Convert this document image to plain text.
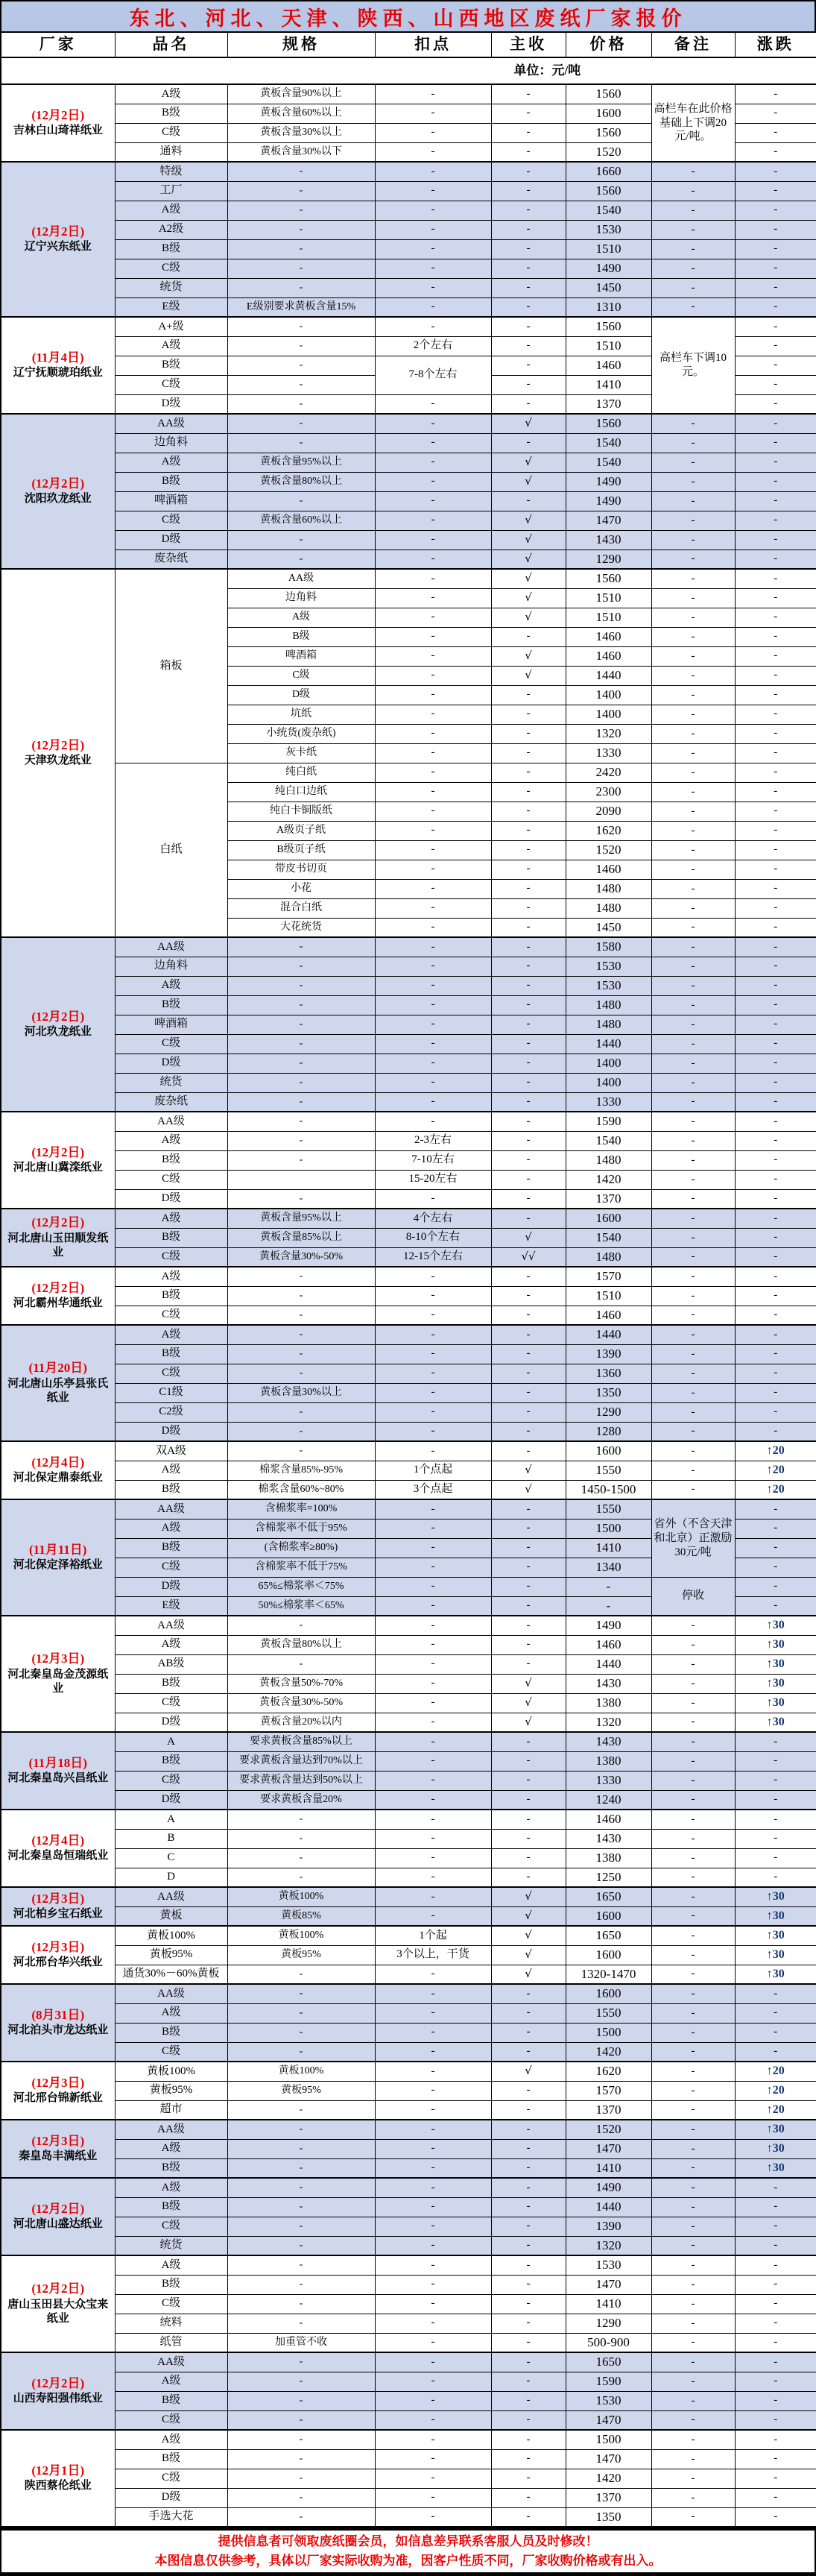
东北、河北、天津、陕西、山西地区废纸厂家报价
厂家	品名	规格	扣点	主收	价格	备注	涨跌

单位：元/吨							

(12月2日)
吉林白山琦祥纸业	A级	黄板含量90%以上	-	-	1560	高栏车在此价格基础上下调20元/吨。	-
	B级	黄板含量60%以上	-	-	1600		-
	C级	黄板含量30%以上	-	-	1560		-
	通料	黄板含量30%以下	-	-	1520		-

(12月2日)
辽宁兴东纸业	特级	-	-	-	1660	-	-
	工厂	-	-	-	1560	-	-
	A级	-	-	-	1540	-	-
	A2级	-	-	-	1530	-	-
	B级	-	-	-	1510	-	-
	C级	-	-	-	1490	-	-
	统货	-	-	-	1450	-	-
	E级	E级别要求黄板含量15%	-	-	1310	-	-

(11月4日)
辽宁抚顺琥珀纸业	A+级	-	-	-	1560	高栏车下调10元。	-
	A级	-	2个左右	-	1510		-
	B级	-	7-8个左右	-	1460		-
	C级	-		-	1410		-
	D级	-	-	-	1370		-

(12月2日)
沈阳玖龙纸业	AA级	-	-	√	1560	-	-
	边角料	-	-	-	1540	-	-
	A级	黄板含量95%以上	-	√	1540	-	-
	B级	黄板含量80%以上	-	√	1490	-	-
	啤酒箱	-	-	-	1490	-	-
	C级	黄板含量60%以上	-	√	1470	-	-
	D级	-	-	√	1430	-	-
	废杂纸	-	-	√	1290	-	-

(12月2日)
天津玖龙纸业	箱板	AA级	-	√	1560	-	-
		边角料	-	√	1510	-	-
		A级	-	√	1510	-	-
		B级	-	-	1460	-	-
		啤酒箱	-	√	1460	-	-
		C级	-	√	1440	-	-
		D级	-	-	1400	-	-
		坑纸	-	-	1400	-	-
		小统货(废杂纸)	-	-	1320	-	-
		灰卡纸	-	-	1330	-	-
	白纸	纯白纸	-	-	2420	-	-
		纯白口边纸	-	-	2300	-	-
		纯白卡铜版纸	-	-	2090	-	-
		A级页子纸	-	-	1620	-	-
		B级页子纸	-	-	1520	-	-
		带皮书切页	-	-	1460	-	-
		小花	-	-	1480	-	-
		混合白纸	-	-	1480	-	-
		大花统货	-	-	1450	-	-

(12月2日)
河北玖龙纸业	AA级	-	-	-	1580	-	-
	边角料	-	-	-	1530	-	-
	A级	-	-	-	1530	-	-
	B级	-	-	-	1480	-	-
	啤酒箱	-	-	-	1480	-	-
	C级	-	-	-	1440	-	-
	D级	-	-	-	1400	-	-
	统货	-	-	-	1400	-	-
	废杂纸	-	-	-	1330	-	-

(12月2日)
河北唐山冀滦纸业	AA级	-	-	-	1590	-	-
	A级	-	2-3左右	-	1540	-	-
	B级	-	7-10左右	-	1480	-	-
	C级		15-20左右	-	1420	-	-
	D级	-	-	-	1370	-	-

(12月2日)
河北唐山玉田顺发纸业	A级	黄板含量95%以上	4个左右	-	1600	-	-
	B级	黄板含量85%以上	8-10个左右	√	1540	-	-
	C级	黄板含量30%-50%	12-15个左右	√√	1480	-	-

(12月2日)
河北霸州华通纸业	A级	-	-	-	1570	-	-
	B级	-	-	-	1510	-	-
	C级	-	-	-	1460	-	-

(11月20日)
河北唐山乐亭县张氏纸业	A级	-	-	-	1440	-	-
	B级	-	-	-	1390	-	-
	C级	-	-	-	1360	-	-
	C1级	黄板含量30%以上	-	-	1350	-	-
	C2级	-	-	-	1290	-	-
	D级	-	-	-	1280	-	-

(12月4日)
河北保定鼎泰纸业	双A级	-	-	-	1600	-	↑20
	A级	棉浆含量85%-95%	1个点起	√	1550	-	↑20
	B级	棉浆含量60%~80%	3个点起	√	1450-1500	-	↑20

(11月11日)
河北保定泽裕纸业	AA级	含棉浆率=100%	-	-	1550	省外（不含天津和北京）正激励30元/吨	-
	A级	含棉浆率不低于95%	-	-	1500		-
	B级	(含棉浆率≥80%)	-	-	1410		-
	C级	含棉浆率不低于75%	-	-	1340		-
	D级	65%≤棉浆率＜75%	-	-	-	停收	-
	E级	50%≤棉浆率＜65%	-	-	-		-

(12月3日)
河北秦皇岛金茂源纸业	AA级	-	-	-	1490	-	↑30
	A级	黄板含量80%以上	-	-	1460	-	↑30
	AB级	-	-	-	1440	-	↑30
	B级	黄板含量50%-70%	-	√	1430	-	↑30
	C级	黄板含量30%-50%	-	√	1380	-	↑30
	D级	黄板含量20%以内	-	√	1320	-	↑30

(11月18日)
河北秦皇岛兴昌纸业	A	要求黄板含量85%以上	-	-	1430	-	-
	B级	要求黄板含量达到70%以上	-	-	1380	-	-
	C级	要求黄板含量达到50%以上	-	-	1330	-	-
	D级	要求黄板含量20%	-	-	1240	-	-

(12月4日)
河北秦皇岛恒瑞纸业	A	-	-	-	1460	-	-
	B	-	-	-	1430	-	-
	C	-	-	-	1380	-	-
	D	-	-	-	1250	-	-

(12月3日)
河北柏乡宝石纸业	AA级	黄板100%	-	√	1650	-	↑30
	黄板	黄板85%	-	√	1600	-	↑30

(12月3日)
河北邢台华兴纸业	黄板100%	黄板100%	1个起	√	1650	-	↑30
	黄板95%	黄板95%	3个以上，干货	√	1600	-	↑30
	通货30%－60%黄板	-	-	√	1320-1470	-	↑30

(8月31日)
河北泊头市龙达纸业	AA级	-	-	-	1600	-	-
	A级	-	-	-	1550	-	-
	B级	-	-	-	1500	-	-
	C级	-	-	-	1420	-	-

(12月3日)
河北邢台锦新纸业	黄板100%	黄板100%	-	√	1620	-	↑20
	黄板95%	黄板95%	-	-	1570	-	↑20
	超市	-	-	-	1370	-	↑20

(12月3日)
秦皇岛丰满纸业	AA级	-	-	-	1520	-	↑30
	A级	-	-	-	1470	-	↑30
	B级	-	-	-	1410	-	↑30

(12月2日)
河北唐山盛达纸业	A级	-	-	-	1490	-	-
	B级	-	-	-	1440	-	-
	C级	-	-	-	1390	-	-
	统货	-	-	-	1320	-	-

(12月2日)
唐山玉田县大众宝来纸业	A级	-	-	-	1530	-	-
	B级	-	-	-	1470	-	-
	C级	-	-	-	1410	-	-
	统料	-	-	-	1290	-	-
	纸管	加重管不收	-	-	500-900	-	-

(12月2日)
山西寿阳强伟纸业	AA级	-	-	-	1650	-	-
	A级	-	-	-	1590	-	-
	B级	-	-	-	1530	-	-
	C级	-	-	-	1470	-	-

(12月1日)
陕西蔡伦纸业	A级	-	-	-	1500	-	-
	B级	-	-	-	1470	-	-
	C级	-	-	-	1420	-	-
	D级	-	-	-	1370	-	-
	手选大花	-	-	-	1350	-	-
提供信息者可领取废纸圈会员，如信息差异联系客服人员及时修改！
本图信息仅供参考，具体以厂家实际收购为准，因客户性质不同，厂家收购价格或有出入。
